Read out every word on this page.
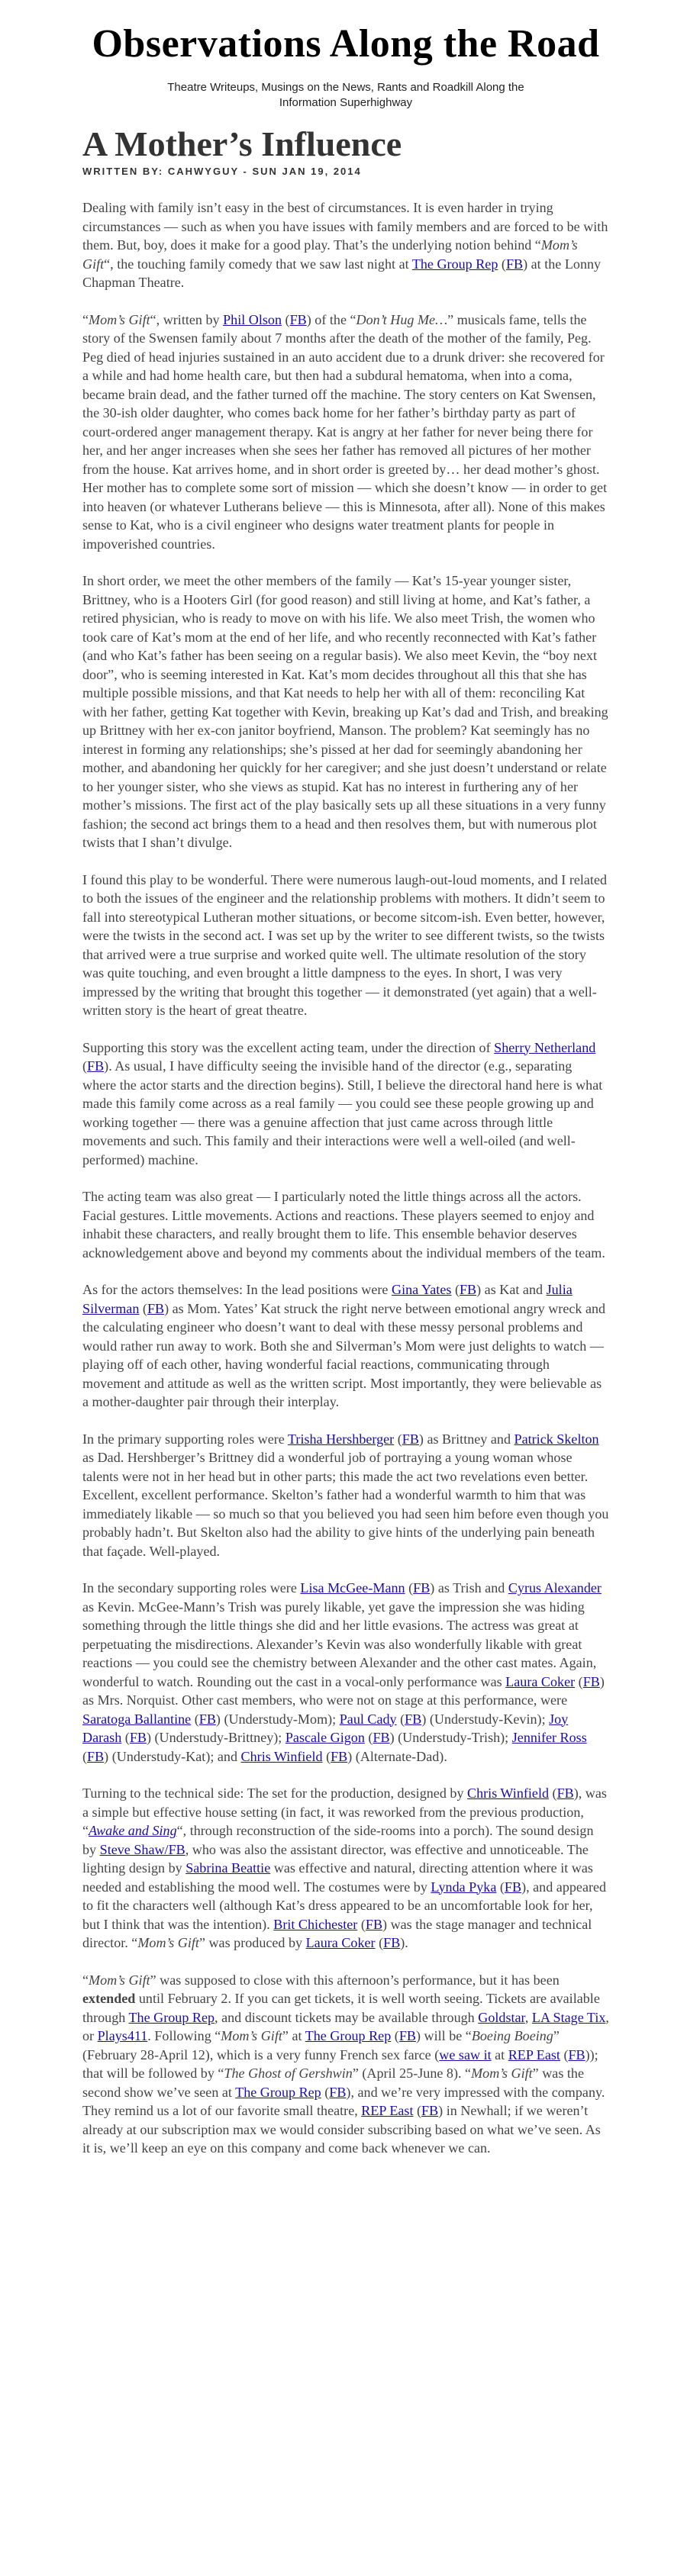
Observations Along the Road
Theatre Writeups, Musings on the News, Rants and Roadkill Along the Information Superhighway
A Mother’s Influence
WRITTEN BY: CAHWYGUY - SUN JAN 19, 2014

Dealing with family isn’t easy in the best of circumstances. It is even harder in trying circumstances — such as when you have issues with family members and are forced to be with them. But, boy, does it make for a good play. That’s the underlying notion behind “Mom’s Gift“, the touching family comedy that we saw last night at The Group Rep (FB) at the Lonny Chapman Theatre.

“Mom’s Gift“, written by Phil Olson (FB) of the “Don’t Hug Me…” musicals fame, tells the story of the Swensen family about 7 months after the death of the mother of the family, Peg. Peg died of head injuries sustained in an auto accident due to a drunk driver: she recovered for a while and had home health care, but then had a subdural hematoma, when into a coma, became brain dead, and the father turned off the machine. The story centers on Kat Swensen, the 30-ish older daughter, who comes back home for her father’s birthday party as part of court-ordered anger management therapy. Kat is angry at her father for never being there for her, and her anger increases when she sees her father has removed all pictures of her mother from the house. Kat arrives home, and in short order is greeted by… her dead mother’s ghost. Her mother has to complete some sort of mission — which she doesn’t know — in order to get into heaven (or whatever Lutherans believe — this is Minnesota, after all). None of this makes sense to Kat, who is a civil engineer who designs water treatment plants for people in impoverished countries.

In short order, we meet the other members of the family — Kat’s 15-year younger sister, Brittney, who is a Hooters Girl (for good reason) and still living at home, and Kat’s father, a retired physician, who is ready to move on with his life. We also meet Trish, the women who took care of Kat’s mom at the end of her life, and who recently reconnected with Kat’s father (and who Kat’s father has been seeing on a regular basis). We also meet Kevin, the “boy next door”, who is seeming interested in Kat. Kat’s mom decides throughout all this that she has multiple possible missions, and that Kat needs to help her with all of them: reconciling Kat with her father, getting Kat together with Kevin, breaking up Kat’s dad and Trish, and breaking up Brittney with her ex-con janitor boyfriend, Manson. The problem? Kat seemingly has no interest in forming any relationships; she’s pissed at her dad for seemingly abandoning her mother, and abandoning her quickly for her caregiver; and she just doesn’t understand or relate to her younger sister, who she views as stupid. Kat has no interest in furthering any of her mother’s missions. The first act of the play basically sets up all these situations in a very funny fashion; the second act brings them to a head and then resolves them, but with numerous plot twists that I shan’t divulge.

I found this play to be wonderful. There were numerous laugh-out-loud moments, and I related to both the issues of the engineer and the relationship problems with mothers. It didn’t seem to fall into stereotypical Lutheran mother situations, or become sitcom-ish. Even better, however, were the twists in the second act. I was set up by the writer to see different twists, so the twists that arrived were a true surprise and worked quite well. The ultimate resolution of the story was quite touching, and even brought a little dampness to the eyes. In short, I was very impressed by the writing that brought this together — it demonstrated (yet again) that a well-written story is the heart of great theatre.

Supporting this story was the excellent acting team, under the direction of Sherry Netherland (FB). As usual, I have difficulty seeing the invisible hand of the director (e.g., separating where the actor starts and the direction begins). Still, I believe the directoral hand here is what made this family come across as a real family — you could see these people growing up and working together — there was a genuine affection that just came across through little movements and such. This family and their interactions were well a well-oiled (and well-performed) machine.

The acting team was also great — I particularly noted the little things across all the actors. Facial gestures. Little movements. Actions and reactions. These players seemed to enjoy and inhabit these characters, and really brought them to life. This ensemble behavior deserves acknowledgement above and beyond my comments about the individual members of the team.

As for the actors themselves: In the lead positions were Gina Yates (FB) as Kat and Julia Silverman (FB) as Mom. Yates’ Kat struck the right nerve between emotional angry wreck and the calculating engineer who doesn’t want to deal with these messy personal problems and would rather run away to work. Both she and Silverman’s Mom were just delights to watch — playing off of each other, having wonderful facial reactions, communicating through movement and attitude as well as the written script. Most importantly, they were believable as a mother-daughter pair through their interplay.

In the primary supporting roles were Trisha Hershberger (FB) as Brittney and Patrick Skelton as Dad. Hershberger’s Brittney did a wonderful job of portraying a young woman whose talents were not in her head but in other parts; this made the act two revelations even better. Excellent, excellent performance. Skelton’s father had a wonderful warmth to him that was immediately likable — so much so that you believed you had seen him before even though you probably hadn’t. But Skelton also had the ability to give hints of the underlying pain beneath that façade. Well-played.

In the secondary supporting roles were Lisa McGee-Mann (FB) as Trish and Cyrus Alexander as Kevin. McGee-Mann’s Trish was purely likable, yet gave the impression she was hiding something through the little things she did and her little evasions. The actress was great at perpetuating the misdirections. Alexander’s Kevin was also wonderfully likable with great reactions — you could see the chemistry between Alexander and the other cast mates. Again, wonderful to watch. Rounding out the cast in a vocal-only performance was Laura Coker (FB) as Mrs. Norquist. Other cast members, who were not on stage at this performance, were Saratoga Ballantine (FB) (Understudy-Mom); Paul Cady (FB) (Understudy-Kevin); Joy Darash (FB) (Understudy-Brittney); Pascale Gigon (FB) (Understudy-Trish); Jennifer Ross (FB) (Understudy-Kat); and Chris Winfield (FB) (Alternate-Dad).

Turning to the technical side: The set for the production, designed by Chris Winfield (FB), was a simple but effective house setting (in fact, it was reworked from the previous production, “Awake and Sing“, through reconstruction of the side-rooms into a porch). The sound design by Steve Shaw/FB, who was also the assistant director, was effective and unnoticeable. The lighting design by Sabrina Beattie was effective and natural, directing attention where it was needed and establishing the mood well. The costumes were by Lynda Pyka (FB), and appeared to fit the characters well (although Kat’s dress appeared to be an uncomfortable look for her, but I think that was the intention). Brit Chichester (FB) was the stage manager and technical director. “Mom’s Gift” was produced by Laura Coker (FB).

“Mom’s Gift” was supposed to close with this afternoon’s performance, but it has been extended until February 2. If you can get tickets, it is well worth seeing. Tickets are available through The Group Rep, and discount tickets may be available through Goldstar, LA Stage Tix, or Plays411. Following “Mom’s Gift” at The Group Rep (FB) will be “Boeing Boeing” (February 28-April 12), which is a very funny French sex farce (we saw it at REP East (FB)); that will be followed by “The Ghost of Gershwin” (April 25-June 8). “Mom’s Gift” was the second show we’ve seen at The Group Rep (FB), and we’re very impressed with the company. They remind us a lot of our favorite small theatre, REP East (FB) in Newhall; if we weren’t already at our subscription max we would consider subscribing based on what we’ve seen. As it is, we’ll keep an eye on this company and come back whenever we can.
